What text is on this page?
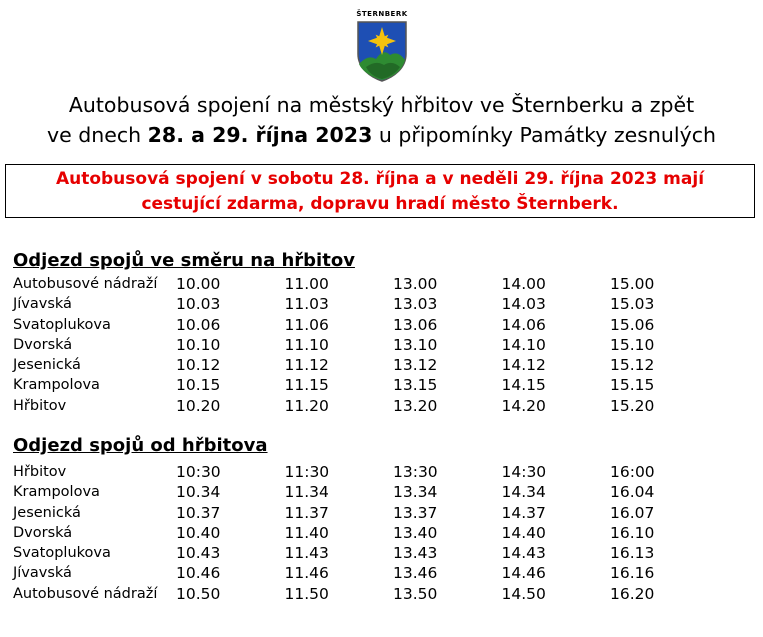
ŠTERNBERK
Autobusová spojení na městský hřbitov ve Šternberku a zpět
ve dnech 28. a 29. října 2023 u připomínky Památky zesnulých
Autobusová spojení v sobotu 28. října a v neděli 29. října 2023 mají
cestující zdarma, dopravu hradí město Šternberk.
Odjezd spojů ve směru na hřbitov
Autobusové nádraží	10.00	11.00	13.00	14.00	15.00
Jívavská	10.03	11.03	13.03	14.03	15.03
Svatoplukova	10.06	11.06	13.06	14.06	15.06
Dvorská	10.10	11.10	13.10	14.10	15.10
Jesenická	10.12	11.12	13.12	14.12	15.12
Krampolova	10.15	11.15	13.15	14.15	15.15
Hřbitov	10.20	11.20	13.20	14.20	15.20
Odjezd spojů od hřbitova
Hřbitov	10:30	11:30	13:30	14:30	16:00
Krampolova	10.34	11.34	13.34	14.34	16.04
Jesenická	10.37	11.37	13.37	14.37	16.07
Dvorská	10.40	11.40	13.40	14.40	16.10
Svatoplukova	10.43	11.43	13.43	14.43	16.13
Jívavská	10.46	11.46	13.46	14.46	16.16
Autobusové nádraží	10.50	11.50	13.50	14.50	16.20
